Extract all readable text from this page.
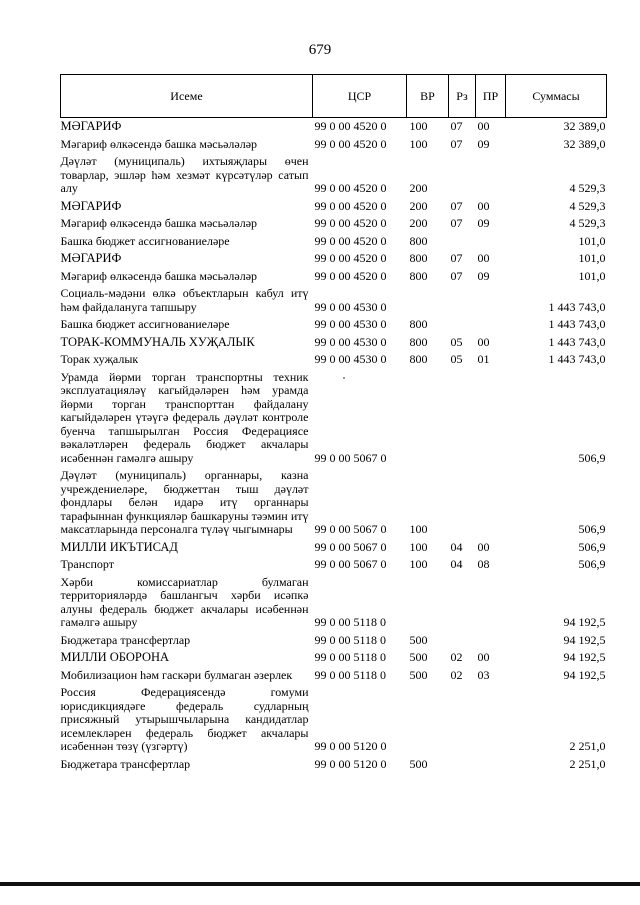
679
Исеме	ЦСР	ВР	Рз	ПР	Суммасы
МӘГАРИФ	99 0 00 4520 0	100	07	00	32 389,0
Мәгариф өлкәсендә башка мәсьәләләр	99 0 00 4520 0	100	07	09	32 389,0
Дәүләт (муниципаль) ихтыяҗлары өчен товарлар, эшләр һәм хезмәт күрсәтүләр сатып алу	99 0 00 4520 0	200			4 529,3
МӘГАРИФ	99 0 00 4520 0	200	07	00	4 529,3
Мәгариф өлкәсендә башка мәсьәләләр	99 0 00 4520 0	200	07	09	4 529,3
Башка бюджет ассигнованиеләре	99 0 00 4520 0	800			101,0
МӘГАРИФ	99 0 00 4520 0	800	07	00	101,0
Мәгариф өлкәсендә башка мәсьәләләр	99 0 00 4520 0	800	07	09	101,0
Социаль-мәдәни өлкә объектларын кабул итү һәм файдалануга тапшыру	99 0 00 4530 0				1 443 743,0
Башка бюджет ассигнованиеләре	99 0 00 4530 0	800			1 443 743,0
ТОРАК-КОММУНАЛЬ ХУҖАЛЫК	99 0 00 4530 0	800	05	00	1 443 743,0
Торак хуҗалык	99 0 00 4530 0	800	05	01	1 443 743,0
Урамда йөрми торган транспортны техник эксплуатацияләү кагыйдәләрен һәм урамда йөрми торган транспорттан файдалану кагыйдәләрен үтәүгә федераль дәүләт контроле буенча тапшырылган Россия Федерациясе вәкаләтләрен федераль бюджет акчалары исәбеннән гамәлгә ашыру	99 0 00 5067 0				506,9
Дәүләт (муниципаль) органнары, казна учреждениеләре, бюджеттан тыш дәүләт фондлары белән идарә итү органнары тарафыннан функцияләр башкаруны тәэмин итү максатларында персоналга түләү чыгымнары	99 0 00 5067 0	100			506,9
МИЛЛИ ИКЪТИСАД	99 0 00 5067 0	100	04	00	506,9
Транспорт	99 0 00 5067 0	100	04	08	506,9
Хәрби комиссариатлар булмаган территорияләрдә башлангыч хәрби исәпкә алуны федераль бюджет акчалары исәбеннән гамәлгә ашыру	99 0 00 5118 0				94 192,5
Бюджетара трансфертлар	99 0 00 5118 0	500			94 192,5
МИЛЛИ ОБОРОНА	99 0 00 5118 0	500	02	00	94 192,5
Мобилизацион һәм гаскәри булмаган әзерлек	99 0 00 5118 0	500	02	03	94 192,5
Россия Федерациясендә гомуми юрисдикциядәге федераль судларның присяжный утырышчыларына кандидатлар исемлекләрен федераль бюджет акчалары исәбеннән төзү (үзгәртү)	99 0 00 5120 0				2 251,0
Бюджетара трансфертлар	99 0 00 5120 0	500			2 251,0
